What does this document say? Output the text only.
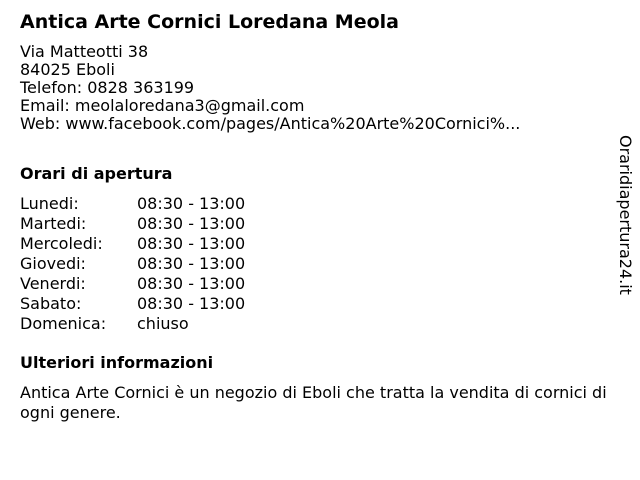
Antica Arte Cornici Loredana Meola
Via Matteotti 38
84025 Eboli
Telefon: 0828 363199
Email: meolaloredana3@gmail.com
Web: www.facebook.com/pages/Antica%20Arte%20Cornici%...
Orari di apertura
Lunedi:	08:30 - 13:00
Martedi:	08:30 - 13:00
Mercoledi: 08:30 - 13:00
Giovedi:	08:30 - 13:00
Venerdi:	08:30 - 13:00
Sabato:	08:30 - 13:00
Domenica: chiuso
Ulteriori informazioni
Antica Arte Cornici è un negozio di Eboli che tratta la vendita di cornici di ogni genere.
Oraridiapertura24.it
